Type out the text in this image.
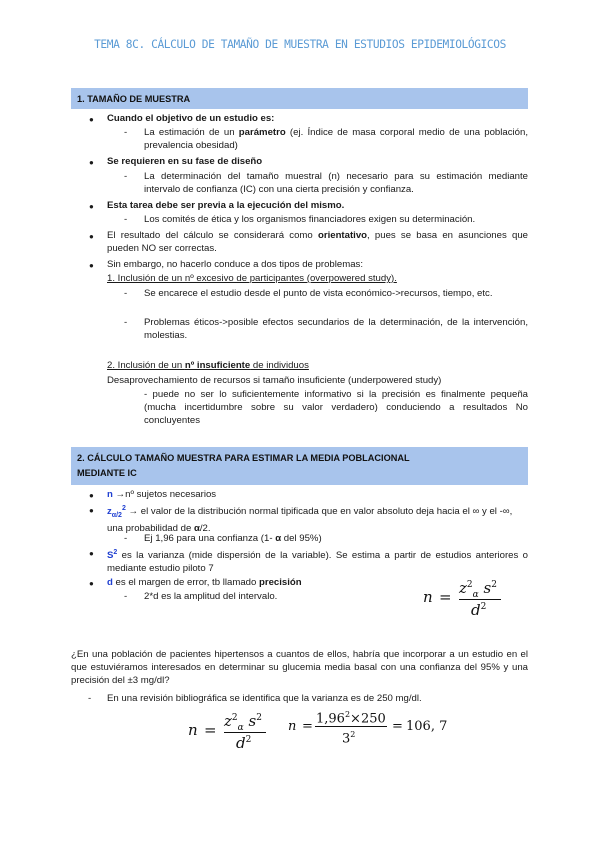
TEMA 8C. CÁLCULO DE TAMAÑO DE MUESTRA EN ESTUDIOS EPIDEMIOLÓGICOS
1. TAMAÑO DE MUESTRA
● Cuando el objetivo de un estudio es:
- La estimación de un parámetro (ej. Índice de masa corporal medio de una población, prevalencia obesidad)
● Se requieren en su fase de diseño
- La determinación del tamaño muestral (n) necesario para su estimación mediante intervalo de confianza (IC) con una cierta precisión y confianza.
● Esta tarea debe ser previa a la ejecución del mismo.
- Los comités de ética y los organismos financiadores exigen su determinación.
● El resultado del cálculo se considerará como orientativo, pues se basa en asunciones que pueden NO ser correctas.
● Sin embargo, no hacerlo conduce a dos tipos de problemas:
1. Inclusión de un nº excesivo de participantes (overpowered study).
- Se encarece el estudio desde el punto de vista económico->recursos, tiempo, etc.
- Problemas éticos->posible efectos secundarios de la determinación, de la intervención, molestias.
2. Inclusión de un nº insuficiente de individuos
Desaprovechamiento de recursos si tamaño insuficiente (underpowered study)
- puede no ser lo suficientemente informativo si la precisión es finalmente pequeña (mucha incertidumbre sobre su valor verdadero) conduciendo a resultados No concluyentes
2. CÁLCULO TAMAÑO MUESTRA PARA ESTIMAR LA MEDIA POBLACIONAL
MEDIANTE IC
● n →nº sujetos necesarios
● $z_{\alpha/2}^2$ → el valor de la distribución normal tipificada que en valor absoluto deja hacia el ∞ y el -∞, una probabilidad de α/2.
- Ej 1,96 para una confianza (1- α del 95%)
● $S^2$ es la varianza (mide dispersión de la variable). Se estima a partir de estudios anteriores o mediante estudio piloto 7
● d es el margen de error, tb llamado precisión
- 2*d es la amplitud del intervalo.	$n = z^2_\alpha$ $s^2$
$d^2$
¿En una población de pacientes hipertensos a cuantos de ellos, habría que incorporar a un estudio en el que estuviéramos interesados en determinar su glucemia media basal con una confianza del 95% y una precisión del ±3 mg/dl?
- En una revisión bibliográfica se identifica que la varianza es de 250 mg/dl.
$n = z^2_\alpha$ $s^2$
$d^2$
n =
$1,96^2\times 250$
$3^2$
= 106, 7
